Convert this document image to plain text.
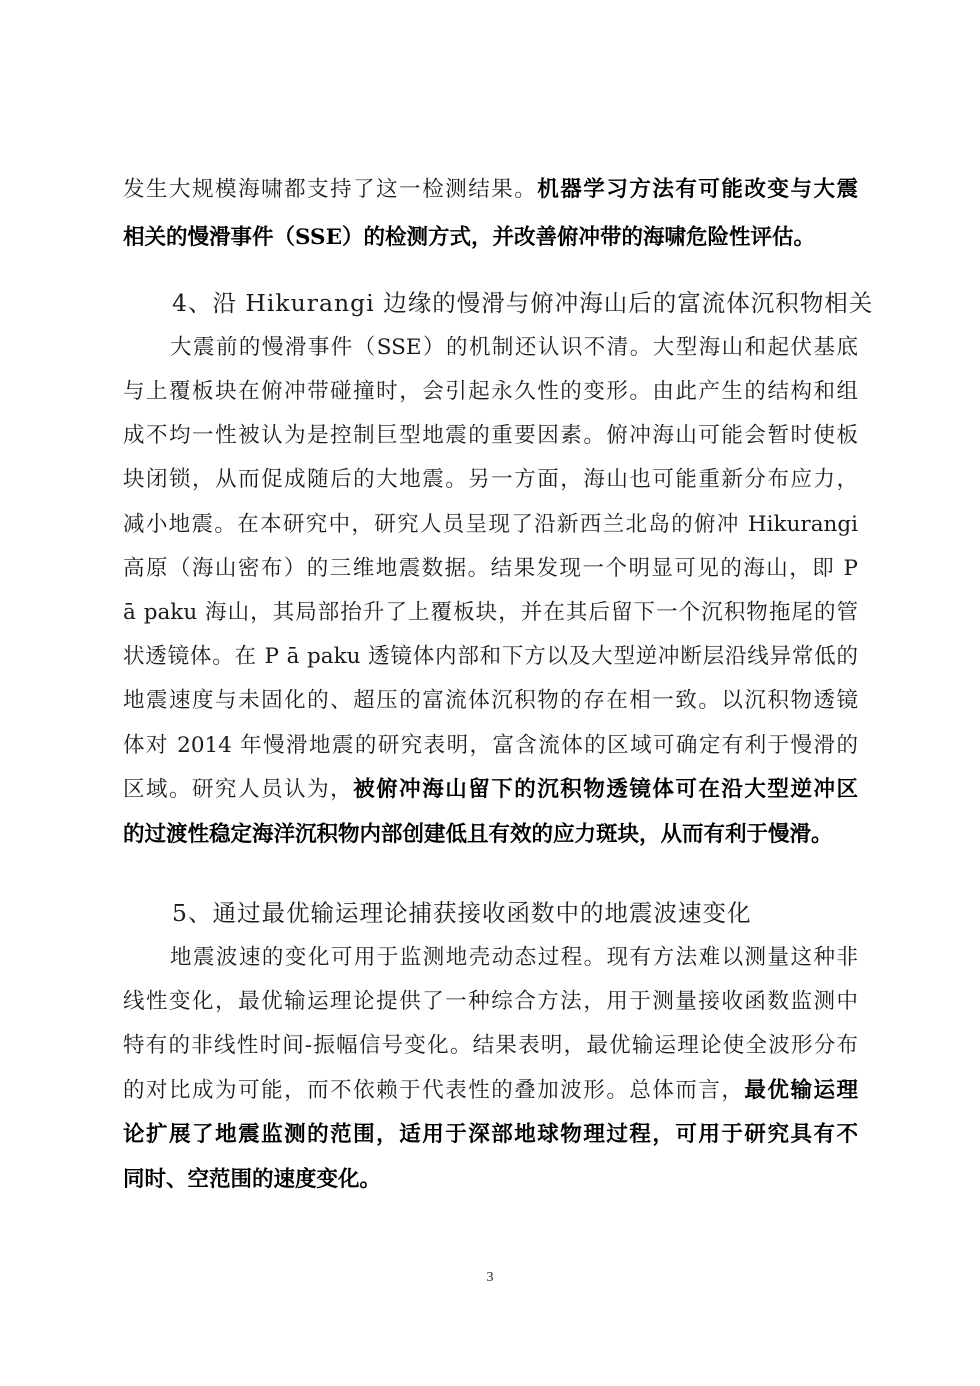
发生大规模海啸都支持了这一检测结果。机器学习方法有可能改变与大震
相关的慢滑事件（SSE）的检测方式，并改善俯冲带的海啸危险性评估。
4、沿 Hikurangi 边缘的慢滑与俯冲海山后的富流体沉积物相关
大震前的慢滑事件（SSE）的机制还认识不清。大型海山和起伏基底
与上覆板块在俯冲带碰撞时，会引起永久性的变形。由此产生的结构和组
成不均一性被认为是控制巨型地震的重要因素。俯冲海山可能会暂时使板
块闭锁，从而促成随后的大地震。另一方面，海山也可能重新分布应力，
减小地震。在本研究中，研究人员呈现了沿新西兰北岛的俯冲 Hikurangi
高原（海山密布）的三维地震数据。结果发现一个明显可见的海山，即 P
ā paku 海山，其局部抬升了上覆板块，并在其后留下一个沉积物拖尾的管
状透镜体。在 P ā paku 透镜体内部和下方以及大型逆冲断层沿线异常低的
地震速度与未固化的、超压的富流体沉积物的存在相一致。以沉积物透镜
体对 2014 年慢滑地震的研究表明，富含流体的区域可确定有利于慢滑的
区域。研究人员认为，被俯冲海山留下的沉积物透镜体可在沿大型逆冲区
的过渡性稳定海洋沉积物内部创建低且有效的应力斑块，从而有利于慢滑。
5、通过最优输运理论捕获接收函数中的地震波速变化
地震波速的变化可用于监测地壳动态过程。现有方法难以测量这种非
线性变化，最优输运理论提供了一种综合方法，用于测量接收函数监测中
特有的非线性时间-振幅信号变化。结果表明，最优输运理论使全波形分布
的对比成为可能，而不依赖于代表性的叠加波形。总体而言，最优输运理
论扩展了地震监测的范围，适用于深部地球物理过程，可用于研究具有不
同时、空范围的速度变化。
3
